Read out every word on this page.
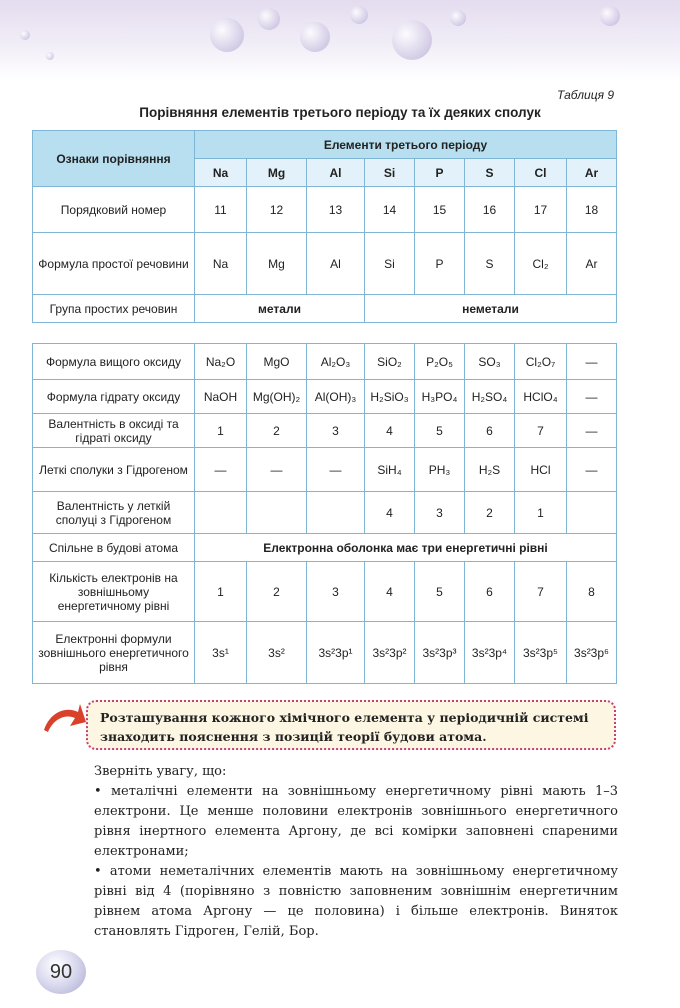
Таблиця 9
Порівняння елементів третього періоду та їх деяких сполук
Ознаки порівняння	Елементи третього періоду							
	Na	Mg	Al	Si	P	S	Cl	Ar
Порядковий номер	11	12	13	14	15	16	17	18
Формула простої речовини	Na	Mg	Al	Si	P	S	Cl₂	Ar
Група простих речовин	метали			неметали				
Формула вищого оксиду	Na₂O	MgO	Al₂O₃	SiO₂	P₂O₅	SO₃	Cl₂O₇	—
Формула гідрату оксиду	NaOH	Mg(OH)₂	Al(OH)₃	H₂SiO₃	H₃PO₄	H₂SO₄	HClO₄	—
Валентність в оксиді та гідраті оксиду	1	2	3	4	5	6	7	—
Леткі сполуки з Гідрогеном	—	—	—	SiH₄	PH₃	H₂S	HCl	—
Валентність у леткій сполуці з Гідрогеном				4	3	2	1	
Спільне в будові атома	Електронна оболонка має три енергетичні рівні							
Кількість електронів на зовнішньому енергетичному рівні	1	2	3	4	5	6	7	8
Електронні формули зовнішнього енергетичного рівня	3s¹	3s²	3s²3p¹	3s²3p²	3s²3p³	3s²3p⁴	3s²3p⁵	3s²3p⁶
Розташування кожного хімічного елемента у періодичній системі знаходить пояснення з позицій теорії будови атома.

Зверніть увагу, що:

• металічні елементи на зовнішньому енергетичному рівні мають 1–3 електрони. Це менше половини електронів зовнішнього енергетичного рівня інертного елемента Аргону, де всі комірки заповнені спареними електронами;

• атоми неметалічних елементів мають на зовнішньому енергетичному рівні від 4 (порівняно з повністю заповненим зовнішнім енергетичним рівнем атома Аргону — це половина) і більше електронів. Виняток становлять Гідроген, Гелій, Бор.

90
